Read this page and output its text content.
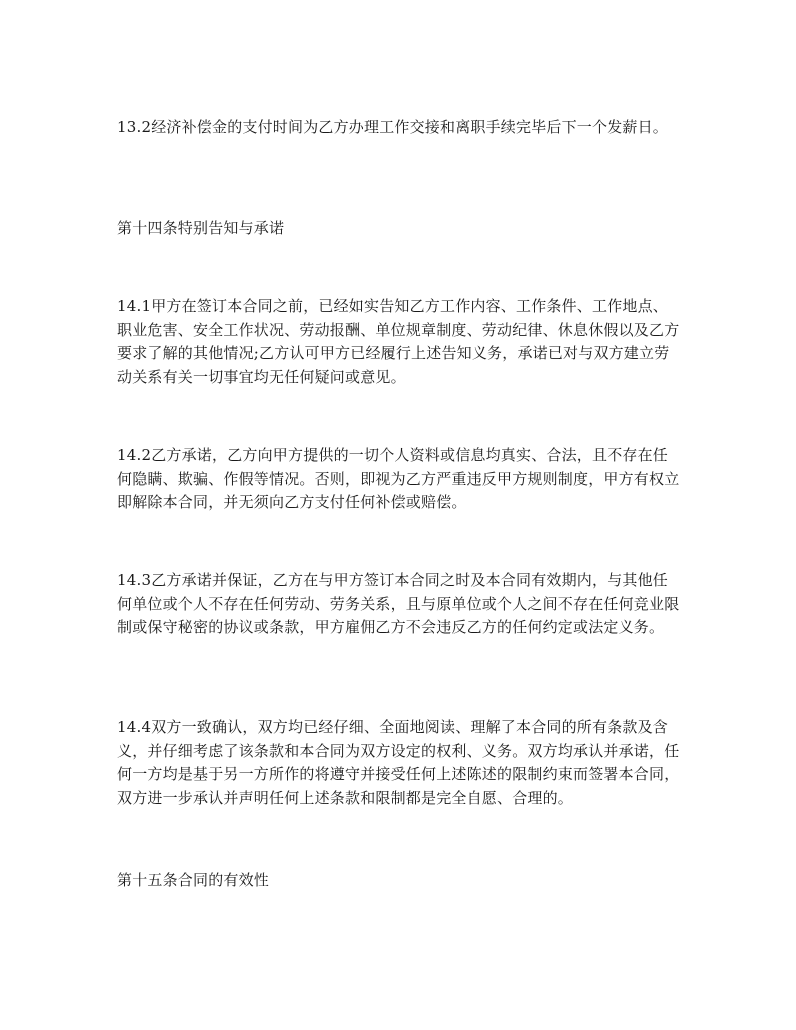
13.2经济补偿金的支付时间为乙方办理工作交接和离职手续完毕后下一个发薪日。

第十四条特别告知与承诺

14.1甲方在签订本合同之前，已经如实告知乙方工作内容、工作条件、工作地点、职业危害、安全工作状况、劳动报酬、单位规章制度、劳动纪律、休息休假以及乙方要求了解的其他情况;乙方认可甲方已经履行上述告知义务，承诺已对与双方建立劳动关系有关一切事宜均无任何疑问或意见。

14.2乙方承诺，乙方向甲方提供的一切个人资料或信息均真实、合法，且不存在任何隐瞒、欺骗、作假等情况。否则，即视为乙方严重违反甲方规则制度，甲方有权立即解除本合同，并无须向乙方支付任何补偿或赔偿。

14.3乙方承诺并保证，乙方在与甲方签订本合同之时及本合同有效期内，与其他任何单位或个人不存在任何劳动、劳务关系，且与原单位或个人之间不存在任何竞业限制或保守秘密的协议或条款，甲方雇佣乙方不会违反乙方的任何约定或法定义务。

14.4双方一致确认，双方均已经仔细、全面地阅读、理解了本合同的所有条款及含义，并仔细考虑了该条款和本合同为双方设定的权利、义务。双方均承认并承诺，任何一方均是基于另一方所作的将遵守并接受任何上述陈述的限制约束而签署本合同，双方进一步承认并声明任何上述条款和限制都是完全自愿、合理的。

第十五条合同的有效性
